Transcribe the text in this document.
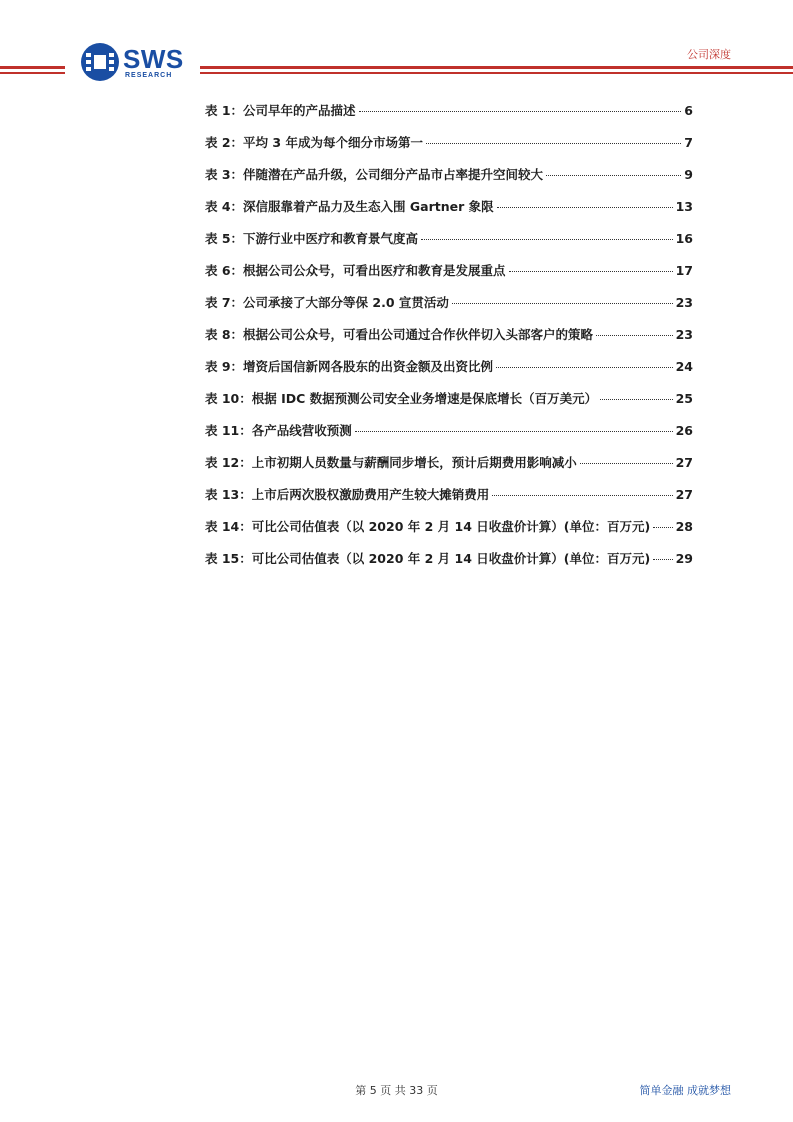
SWS
RESEARCH
公司深度
表 1：公司早年的产品描述	6
表 2：平均 3 年成为每个细分市场第一	7
表 3：伴随潜在产品升级，公司细分产品市占率提升空间较大	9
表 4：深信服靠着产品力及生态入围 Gartner 象限	13
表 5：下游行业中医疗和教育景气度高	16
表 6：根据公司公众号，可看出医疗和教育是发展重点	17
表 7：公司承接了大部分等保 2.0 宣贯活动	23
表 8：根据公司公众号，可看出公司通过合作伙伴切入头部客户的策略	23
表 9：增资后国信新网各股东的出资金额及出资比例	24
表 10：根据 IDC 数据预测公司安全业务增速是保底增长（百万美元）	25
表 11：各产品线营收预测	26
表 12：上市初期人员数量与薪酬同步增长，预计后期费用影响减小	27
表 13：上市后两次股权激励费用产生较大摊销费用	27
表 14：可比公司估值表（以 2020 年 2 月 14 日收盘价计算）(单位：百万元) 28
表 15：可比公司估值表（以 2020 年 2 月 14 日收盘价计算）(单位：百万元) 29
第 5 页 共 33 页	简单金融 成就梦想
